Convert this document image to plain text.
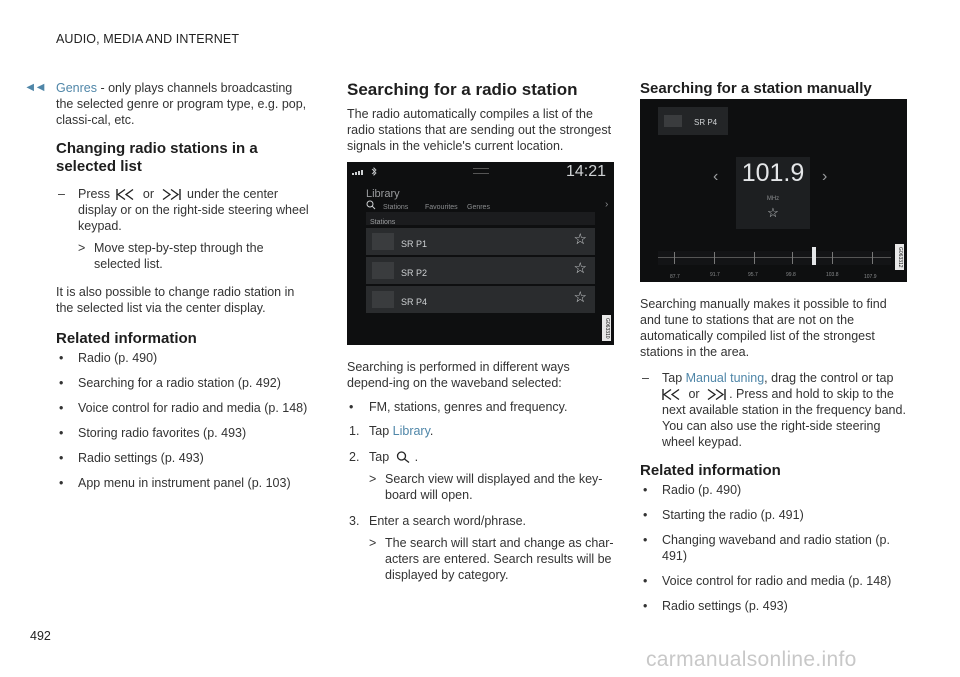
AUDIO, MEDIA AND INTERNET
492
◄◄ Genres - only plays channels broadcasting the selected genre or program type, e.g. pop, classi-cal, etc.

Changing radio stations in a selected list
– Press	or	under the center display or on the right-side steering wheel keypad.
> Move step-by-step through the selected list.

It is also possible to change radio station in the selected list via the center display.

Related information
• Radio (p. 490)
• Searching for a radio station (p. 492)
• Voice control for radio and media (p. 148)
• Storing radio favorites (p. 493)
• Radio settings (p. 493)
• App menu in instrument panel (p. 103)
Searching for a radio station

The radio automatically compiles a list of the radio stations that are sending out the strongest signals in the vehicle's current location.

14:21
Library
Stations Favourites Genres	›
Stations
SR P1	☆
SR P2	☆
SR P4	☆
G063310

Searching is performed in different ways depend-ing on the waveband selected:

• FM, stations, genres and frequency.
1. Tap Library.
2. Tap .
> Search view will displayed and the key-board will open.
3. Enter a search word/phrase.
> The search will start and change as char-acters are entered. Search results will be displayed by category.
Searching for a station manually
SR P4
‹	›
101.9
MHz
☆
87.7	91.7	95.7	99.8	103.8	107.9
G063312

Searching manually makes it possible to find and tune to stations that are not on the automatically compiled list of the strongest stations in the area.

– Tap Manual tuning, drag the control or tap
or . Press and hold to skip to the next available station in the frequency band. You can also use the right-side steering wheel keypad.
Related information
• Radio (p. 490)
• Starting the radio (p. 491)
• Changing waveband and radio station (p. 491)
• Voice control for radio and media (p. 148)
• Radio settings (p. 493)
carmanualsonline.info
